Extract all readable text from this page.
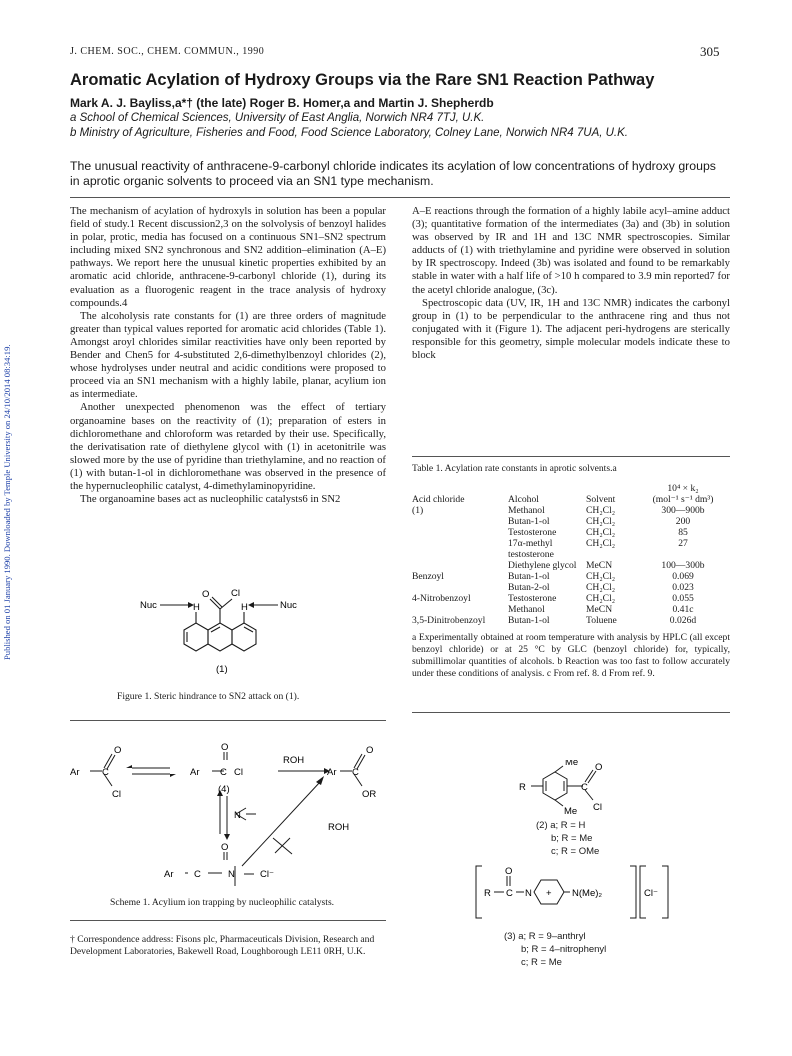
Published on 01 January 1990. Downloaded by Temple University on 24/10/2014 08:34:19.
J. CHEM. SOC., CHEM. COMMUN., 1990	305
Aromatic Acylation of Hydroxy Groups via the Rare SN1 Reaction Pathway
Mark A. J. Bayliss,a*† (the late) Roger B. Homer,a and Martin J. Shepherdb
a School of Chemical Sciences, University of East Anglia, Norwich NR4 7TJ, U.K.
b Ministry of Agriculture, Fisheries and Food, Food Science Laboratory, Colney Lane, Norwich NR4 7UA, U.K.
The unusual reactivity of anthracene-9-carbonyl chloride indicates its acylation of low concentrations of hydroxy groups in aprotic organic solvents to proceed via an SN1 type mechanism.

The mechanism of acylation of hydroxyls in solution has been a popular field of study.1 Recent discussion2,3 on the solvolysis of benzoyl halides in polar, protic, media has focused on a continuous SN1–SN2 spectrum including mixed SN2 synchronous and SN2 addition–elimination (A–E) pathways. We report here the unusual kinetic properties exhibited by an aromatic acid chloride, anthracene-9-carbonyl chloride (1), during its evaluation as a fluorogenic reagent in the trace analysis of hydroxy compounds.4

The alcoholysis rate constants for (1) are three orders of magnitude greater than typical values reported for aromatic acid chlorides (Table 1). Amongst aroyl chlorides similar reactivities have only been reported by Bender and Chen5 for 4-substituted 2,6-dimethylbenzoyl chlorides (2), whose hydrolyses under neutral and acidic conditions were proposed to proceed via an SN1 mechanism with a highly labile, planar, acylium ion as intermediate.

Another unexpected phenomenon was the effect of tertiary organoamine bases on the reactivity of (1); preparation of esters in dichloromethane and chloroform was retarded by their use. Specifically, the derivatisation rate of diethylene glycol with (1) in acetonitrile was slowed more by the use of pyridine than triethylamine, and no reaction of (1) with butan-1-ol in dichloromethane was observed in the presence of the hypernucleophilic catalyst, 4-dimethylaminopyridine.

The organoamine bases act as nucleophilic catalysts6 in SN2

A–E reactions through the formation of a highly labile acyl–amine adduct (3); quantitative formation of the intermediates (3a) and (3b) in solution was observed by IR and 1H and 13C NMR spectroscopies. Similar adducts of (1) with triethylamine and pyridine were observed in solution by IR spectroscopy. Indeed (3b) was isolated and found to be remarkably stable in water with a half life of >10 h compared to 3.9 min reported7 for the acetyl chloride analogue, (3c).

Spectroscopic data (UV, IR, 1H and 13C NMR) indicates the carbonyl group in (1) to be perpendicular to the anthracene ring and thus not conjugated with it (Figure 1). The adjacent peri-hydrogens are sterically responsible for this geometry, simple molecular models indicate these to block

Table 1. Acylation rate constants in aprotic solvents.a
			10⁴ × k₂
Acid chloride	Alcohol	Solvent	(mol⁻¹ s⁻¹ dm³)
(1)	Methanol	CH₂Cl₂	300—900b
	Butan-1-ol	CH₂Cl₂	200
	Testosterone	CH₂Cl₂	85
	17α-methyl testosterone	CH₂Cl₂	27
	Diethylene glycol	MeCN	100—300b
Benzoyl	Butan-1-ol	CH₂Cl₂	0.069
	Butan-2-ol	CH₂Cl₂	0.023
4-Nitrobenzoyl	Testosterone	CH₂Cl₂	0.055
	Methanol	MeCN	0.41c
3,5-Dinitrobenzoyl	Butan-1-ol	Toluene	0.026d
a Experimentally obtained at room temperature with analysis by HPLC (all except benzoyl chloride) or at 25 °C by GLC (benzoyl chloride) for, typically, submillimolar quantities of alcohols. b Reaction was too fast to follow accurately under these conditions of analysis. c From ref. 8. d From ref. 9.
Nuc	Nuc
H	H
O Cl
(1)
Figure 1. Steric hindrance to SN2 attack on (1).
Ar C
O
Cl
Ar
O
C Cl
(4)
ROH
Ar C
O
OR
N
ROH
O
Ar C	N	Cl⁻
Scheme 1. Acylium ion trapping by nucleophilic catalysts.
† Correspondence address: Fisons plc, Pharmaceuticals Division, Research and Development Laboratories, Bakewell Road, Loughborough LE11 0RH, U.K.
Me
Me
R	C
O
Cl
(2) a; R = H
b; R = Me
c; R = OMe
R
O
C N + N(Me)₂	Cl⁻
(3) a; R = 9–anthryl
b; R = 4–nitrophenyl
c; R = Me
